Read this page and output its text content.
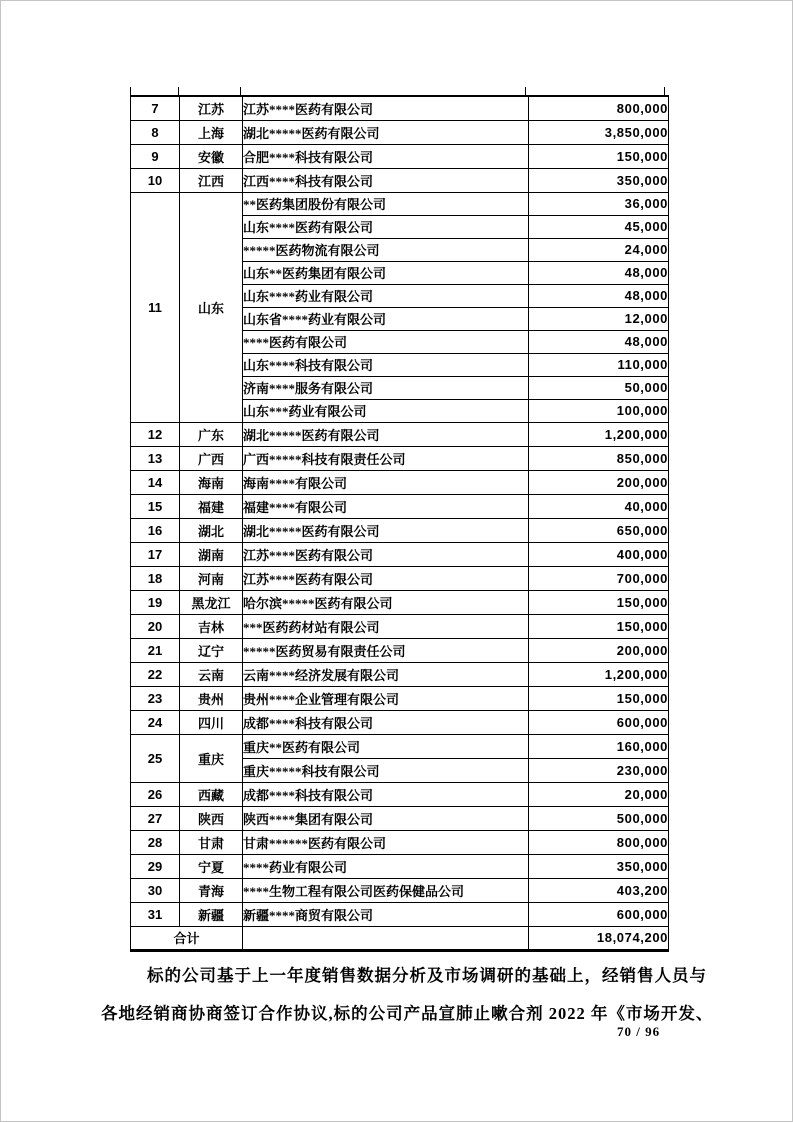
7	江苏	江苏****医药有限公司	800,000
8	上海	湖北*****医药有限公司	3,850,000
9	安徽	合肥****科技有限公司	150,000
10	江西	江西****科技有限公司	350,000
11	山东	**医药集团股份有限公司	36,000
		山东****医药有限公司	45,000
		*****医药物流有限公司	24,000
		山东**医药集团有限公司	48,000
		山东****药业有限公司	48,000
		山东省****药业有限公司	12,000
		****医药有限公司	48,000
		山东****科技有限公司	110,000
		济南****服务有限公司	50,000
		山东***药业有限公司	100,000
12	广东	湖北*****医药有限公司	1,200,000
13	广西	广西*****科技有限责任公司	850,000
14	海南	海南****有限公司	200,000
15	福建	福建****有限公司	40,000
16	湖北	湖北*****医药有限公司	650,000
17	湖南	江苏****医药有限公司	400,000
18	河南	江苏****医药有限公司	700,000
19	黑龙江	哈尔滨*****医药有限公司	150,000
20	吉林	***医药药材站有限公司	150,000
21	辽宁	*****医药贸易有限责任公司	200,000
22	云南	云南****经济发展有限公司	1,200,000
23	贵州	贵州****企业管理有限公司	150,000
24	四川	成都****科技有限公司	600,000
25	重庆	重庆**医药有限公司	160,000
		重庆*****科技有限公司	230,000
26	西藏	成都****科技有限公司	20,000
27	陕西	陕西****集团有限公司	500,000
28	甘肃	甘肃******医药有限公司	800,000
29	宁夏	****药业有限公司	350,000
30	青海	****生物工程有限公司医药保健品公司	403,200
31	新疆	新疆****商贸有限公司	600,000
合计			18,074,200
标的公司基于上一年度销售数据分析及市场调研的基础上，经销售人员与
各地经销商协商签订合作协议,标的公司产品宣肺止嗽合剂 2022 年《市场开发、
70 / 96
